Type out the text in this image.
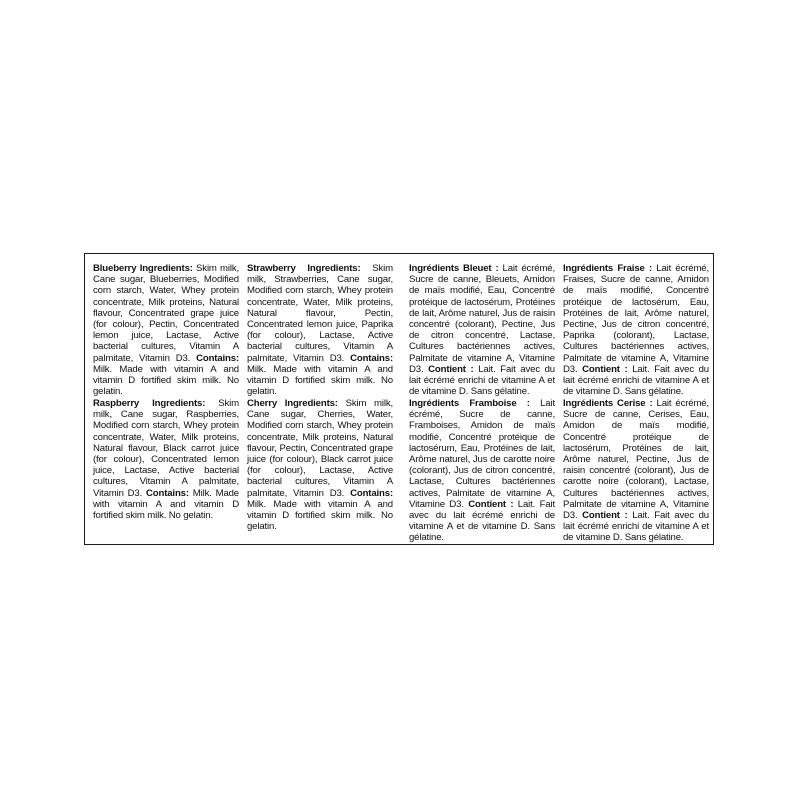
Blueberry Ingredients: Skim milk, Cane sugar, Blueberries, Modified corn starch, Water, Whey protein concentrate, Milk proteins, Natural flavour, Concentrated grape juice (for colour), Pectin, Concentrated lemon juice, Lactase, Active bacterial cultures, Vitamin A palmitate, Vitamin D3. Contains: Milk. Made with vitamin A and vitamin D fortified skim milk. No gelatin.

Strawberry Ingredients: Skim milk, Strawberries, Cane sugar, Modified corn starch, Whey protein concentrate, Water, Milk proteins, Natural flavour, Pectin, Concentrated lemon juice, Paprika (for colour), Lactase, Active bacterial cultures, Vitamin A palmitate, Vitamin D3. Contains: Milk. Made with vitamin A and vitamin D fortified skim milk. No gelatin.

Ingrédients Bleuet : Lait écrémé, Sucre de canne, Bleuets, Amidon de maïs modifié, Eau, Concentré protéique de lactosérum, Protéines de lait, Arôme naturel, Jus de raisin concentré (colorant), Pectine, Jus de citron concentré, Lactase, Cultures bactériennes actives, Palmitate de vitamine A, Vitamine D3. Contient : Lait. Fait avec du lait écrémé enrichi de vitamine A et de vitamine D. Sans gélatine.

Ingrédients Fraise : Lait écrémé, Fraises, Sucre de canne, Amidon de maïs modifié, Concentré protéique de lactosérum, Eau, Protéines de lait, Arôme naturel, Pectine, Jus de citron concentré, Paprika (colorant), Lactase, Cultures bactériennes actives, Palmitate de vitamine A, Vitamine D3. Contient : Lait. Fait avec du lait écrémé enrichi de vitamine A et de vitamine D. Sans gélatine.

Raspberry Ingredients: Skim milk, Cane sugar, Raspberries, Modified corn starch, Whey protein concentrate, Water, Milk proteins, Natural flavour, Black carrot juice (for colour), Concentrated lemon juice, Lactase, Active bacterial cultures, Vitamin A palmitate, Vitamin D3. Contains: Milk. Made with vitamin A and vitamin D fortified skim milk. No gelatin.

Cherry Ingredients: Skim milk, Cane sugar, Cherries, Water, Modified corn starch, Whey protein concentrate, Milk proteins, Natural flavour, Pectin, Concentrated grape juice (for colour), Black carrot juice (for colour), Lactase, Active bacterial cultures, Vitamin A palmitate, Vitamin D3. Contains: Milk. Made with vitamin A and vitamin D fortified skim milk. No gelatin.

Ingrédients Framboise : Lait écrémé, Sucre de canne, Framboises, Amidon de maïs modifié, Concentré protéique de lactosérum, Eau, Protéines de lait, Arôme naturel, Jus de carotte noire (colorant), Jus de citron concentré, Lactase, Cultures bactériennes actives, Palmitate de vitamine A, Vitamine D3. Contient : Lait. Fait avec du lait écrémé enrichi de vitamine A et de vitamine D. Sans gélatine.

Ingrédients Cerise : Lait écrémé, Sucre de canne, Cerises, Eau, Amidon de maïs modifié, Concentré protéique de lactosérum, Protéines de lait, Arôme naturel, Pectine, Jus de raisin concentré (colorant), Jus de carotte noire (colorant), Lactase, Cultures bactériennes actives, Palmitate de vitamine A, Vitamine D3. Contient : Lait. Fait avec du lait écrémé enrichi de vitamine A et de vitamine D. Sans gélatine.
